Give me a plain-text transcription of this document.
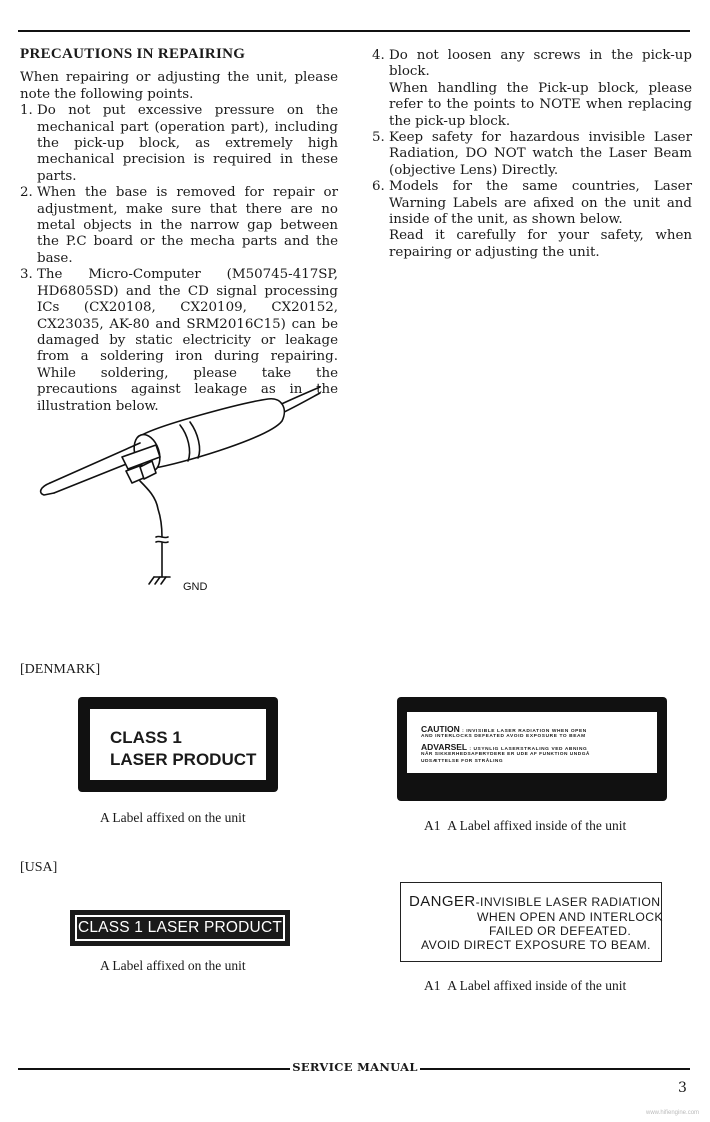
PRECAUTIONS IN REPAIRING

When repairing or adjusting the unit, please note the following points.

1. Do not put excessive pressure on the mechanical part (operation part), including the pick-up block, as extremely high mechanical precision is required in these parts.

2. When the base is removed for repair or adjustment, make sure that there are no metal objects in the narrow gap between the P.C board or the mecha parts and the base.

3. The Micro-Computer (M50745-417SP, HD6805SD) and the CD signal processing ICs (CX20108, CX20109, CX20152, CX23035, AK-80 and SRM2016C15) can be damaged by static electricity or leakage from a soldering iron during repairing. While soldering, please take the precautions against leakage as in the illustration below.

4. Do not loosen any screws in the pick-up block.

When handling the Pick-up block, please refer to the points to NOTE when replacing the pick-up block.

5. Keep safety for hazardous invisible Laser Radiation, DO NOT watch the Laser Beam (objective Lens) Directly.

6. Models for the same countries, Laser Warning Labels are afixed on the unit and inside of the unit, as shown below.

Read it carefully for your safety, when repairing or adjusting the unit.

GND
[DENMARK]
CLASS 1
LASER PRODUCT
A Label affixed on the unit
CAUTION : INVISIBLE LASER RADIATION WHEN OPEN
AND INTERLOCKS DEFEATED AVOID EXPOSURE TO BEAM
ADVARSEL : USYNLIG LASERSTRALING VED ABNING
NÅR SIKKERHEDSAFBRYDERE ER UDE AF FUNKTION UNDGÅ
UDSÆTTELSE FOR STRÅLING
A1 A Label affixed inside of the unit
[USA]
CLASS 1 LASER PRODUCT
A Label affixed on the unit
DANGER-INVISIBLE LASER RADIATION
WHEN OPEN AND INTERLOCK
FAILED OR DEFEATED.
AVOID DIRECT EXPOSURE TO BEAM.
A1 A Label affixed inside of the unit
SERVICE MANUAL
3
www.hifiengine.com
